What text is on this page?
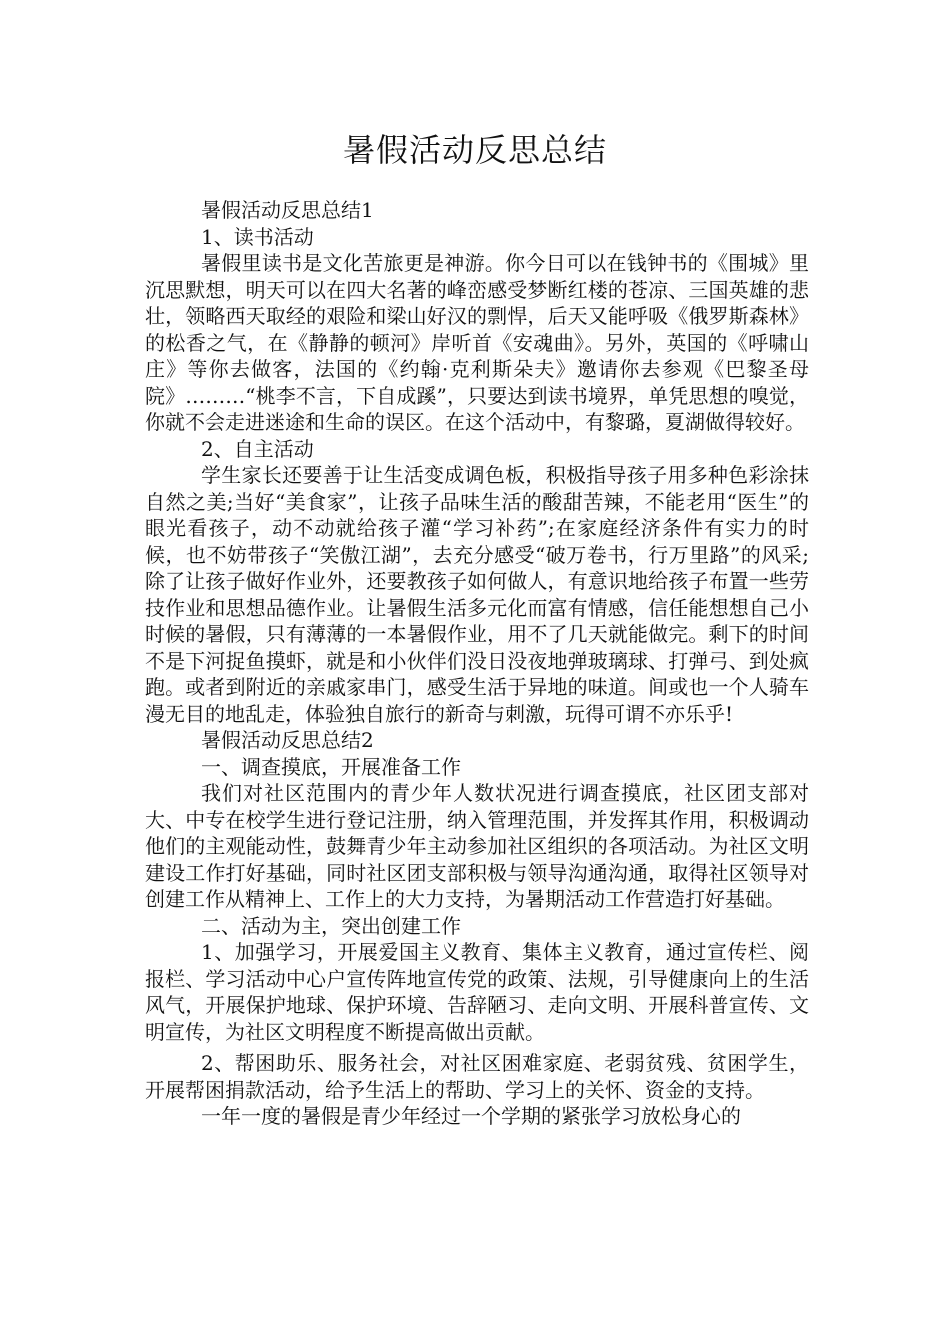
暑假活动反思总结

暑假活动反思总结1

1、读书活动

暑假里读书是文化苦旅更是神游。你今日可以在钱钟书的《围城》里沉思默想，明天可以在四大名著的峰峦感受梦断红楼的苍凉、三国英雄的悲壮，领略西天取经的艰险和梁山好汉的剽悍，后天又能呼吸《俄罗斯森林》的松香之气，在《静静的顿河》岸听首《安魂曲》。另外，英国的《呼啸山庄》等你去做客，法国的《约翰·克利斯朵夫》邀请你去参观《巴黎圣母院》………“桃李不言，下自成蹊”，只要达到读书境界，单凭思想的嗅觉，你就不会走进迷途和生命的误区。在这个活动中，有黎璐，夏湖做得较好。

2、自主活动

学生家长还要善于让生活变成调色板，积极指导孩子用多种色彩涂抹自然之美;当好“美食家”，让孩子品味生活的酸甜苦辣，不能老用“医生”的眼光看孩子，动不动就给孩子灌“学习补药”;在家庭经济条件有实力的时候，也不妨带孩子“笑傲江湖”，去充分感受“破万卷书，行万里路”的风采;除了让孩子做好作业外，还要教孩子如何做人，有意识地给孩子布置一些劳技作业和思想品德作业。让暑假生活多元化而富有情感，信任能想想自己小时候的暑假，只有薄薄的一本暑假作业，用不了几天就能做完。剩下的时间不是下河捉鱼摸虾，就是和小伙伴们没日没夜地弹玻璃球、打弹弓、到处疯跑。或者到附近的亲戚家串门，感受生活于异地的味道。间或也一个人骑车漫无目的地乱走，体验独自旅行的新奇与刺激，玩得可谓不亦乐乎!

暑假活动反思总结2

一、调查摸底，开展准备工作

我们对社区范围内的青少年人数状况进行调查摸底，社区团支部对大、中专在校学生进行登记注册，纳入管理范围，并发挥其作用，积极调动他们的主观能动性，鼓舞青少年主动参加社区组织的各项活动。为社区文明建设工作打好基础，同时社区团支部积极与领导沟通沟通，取得社区领导对创建工作从精神上、工作上的大力支持，为暑期活动工作营造打好基础。

二、活动为主，突出创建工作

1、加强学习，开展爱国主义教育、集体主义教育，通过宣传栏、阅报栏、学习活动中心户宣传阵地宣传党的政策、法规，引导健康向上的生活风气，开展保护地球、保护环境、告辞陋习、走向文明、开展科普宣传、文明宣传，为社区文明程度不断提高做出贡献。

2、帮困助乐、服务社会，对社区困难家庭、老弱贫残、贫困学生，开展帮困捐款活动，给予生活上的帮助、学习上的关怀、资金的支持。

一年一度的暑假是青少年经过一个学期的紧张学习放松身心的
